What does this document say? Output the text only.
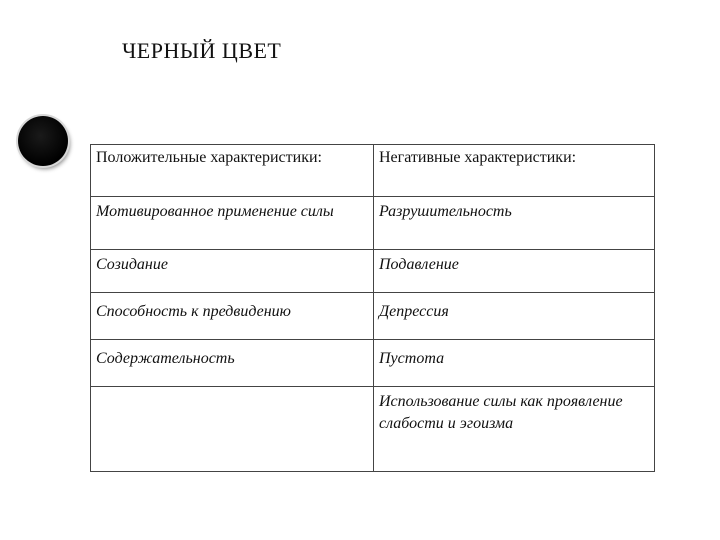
ЧЕРНЫЙ ЦВЕТ
Положительные характеристики:	Негативные характеристики:
Мотивированное применение силы	Разрушительность
Созидание	Подавление
Способность к предвидению	Депрессия
Содержательность	Пустота
	Использование силы как проявление слабости и эгоизма
